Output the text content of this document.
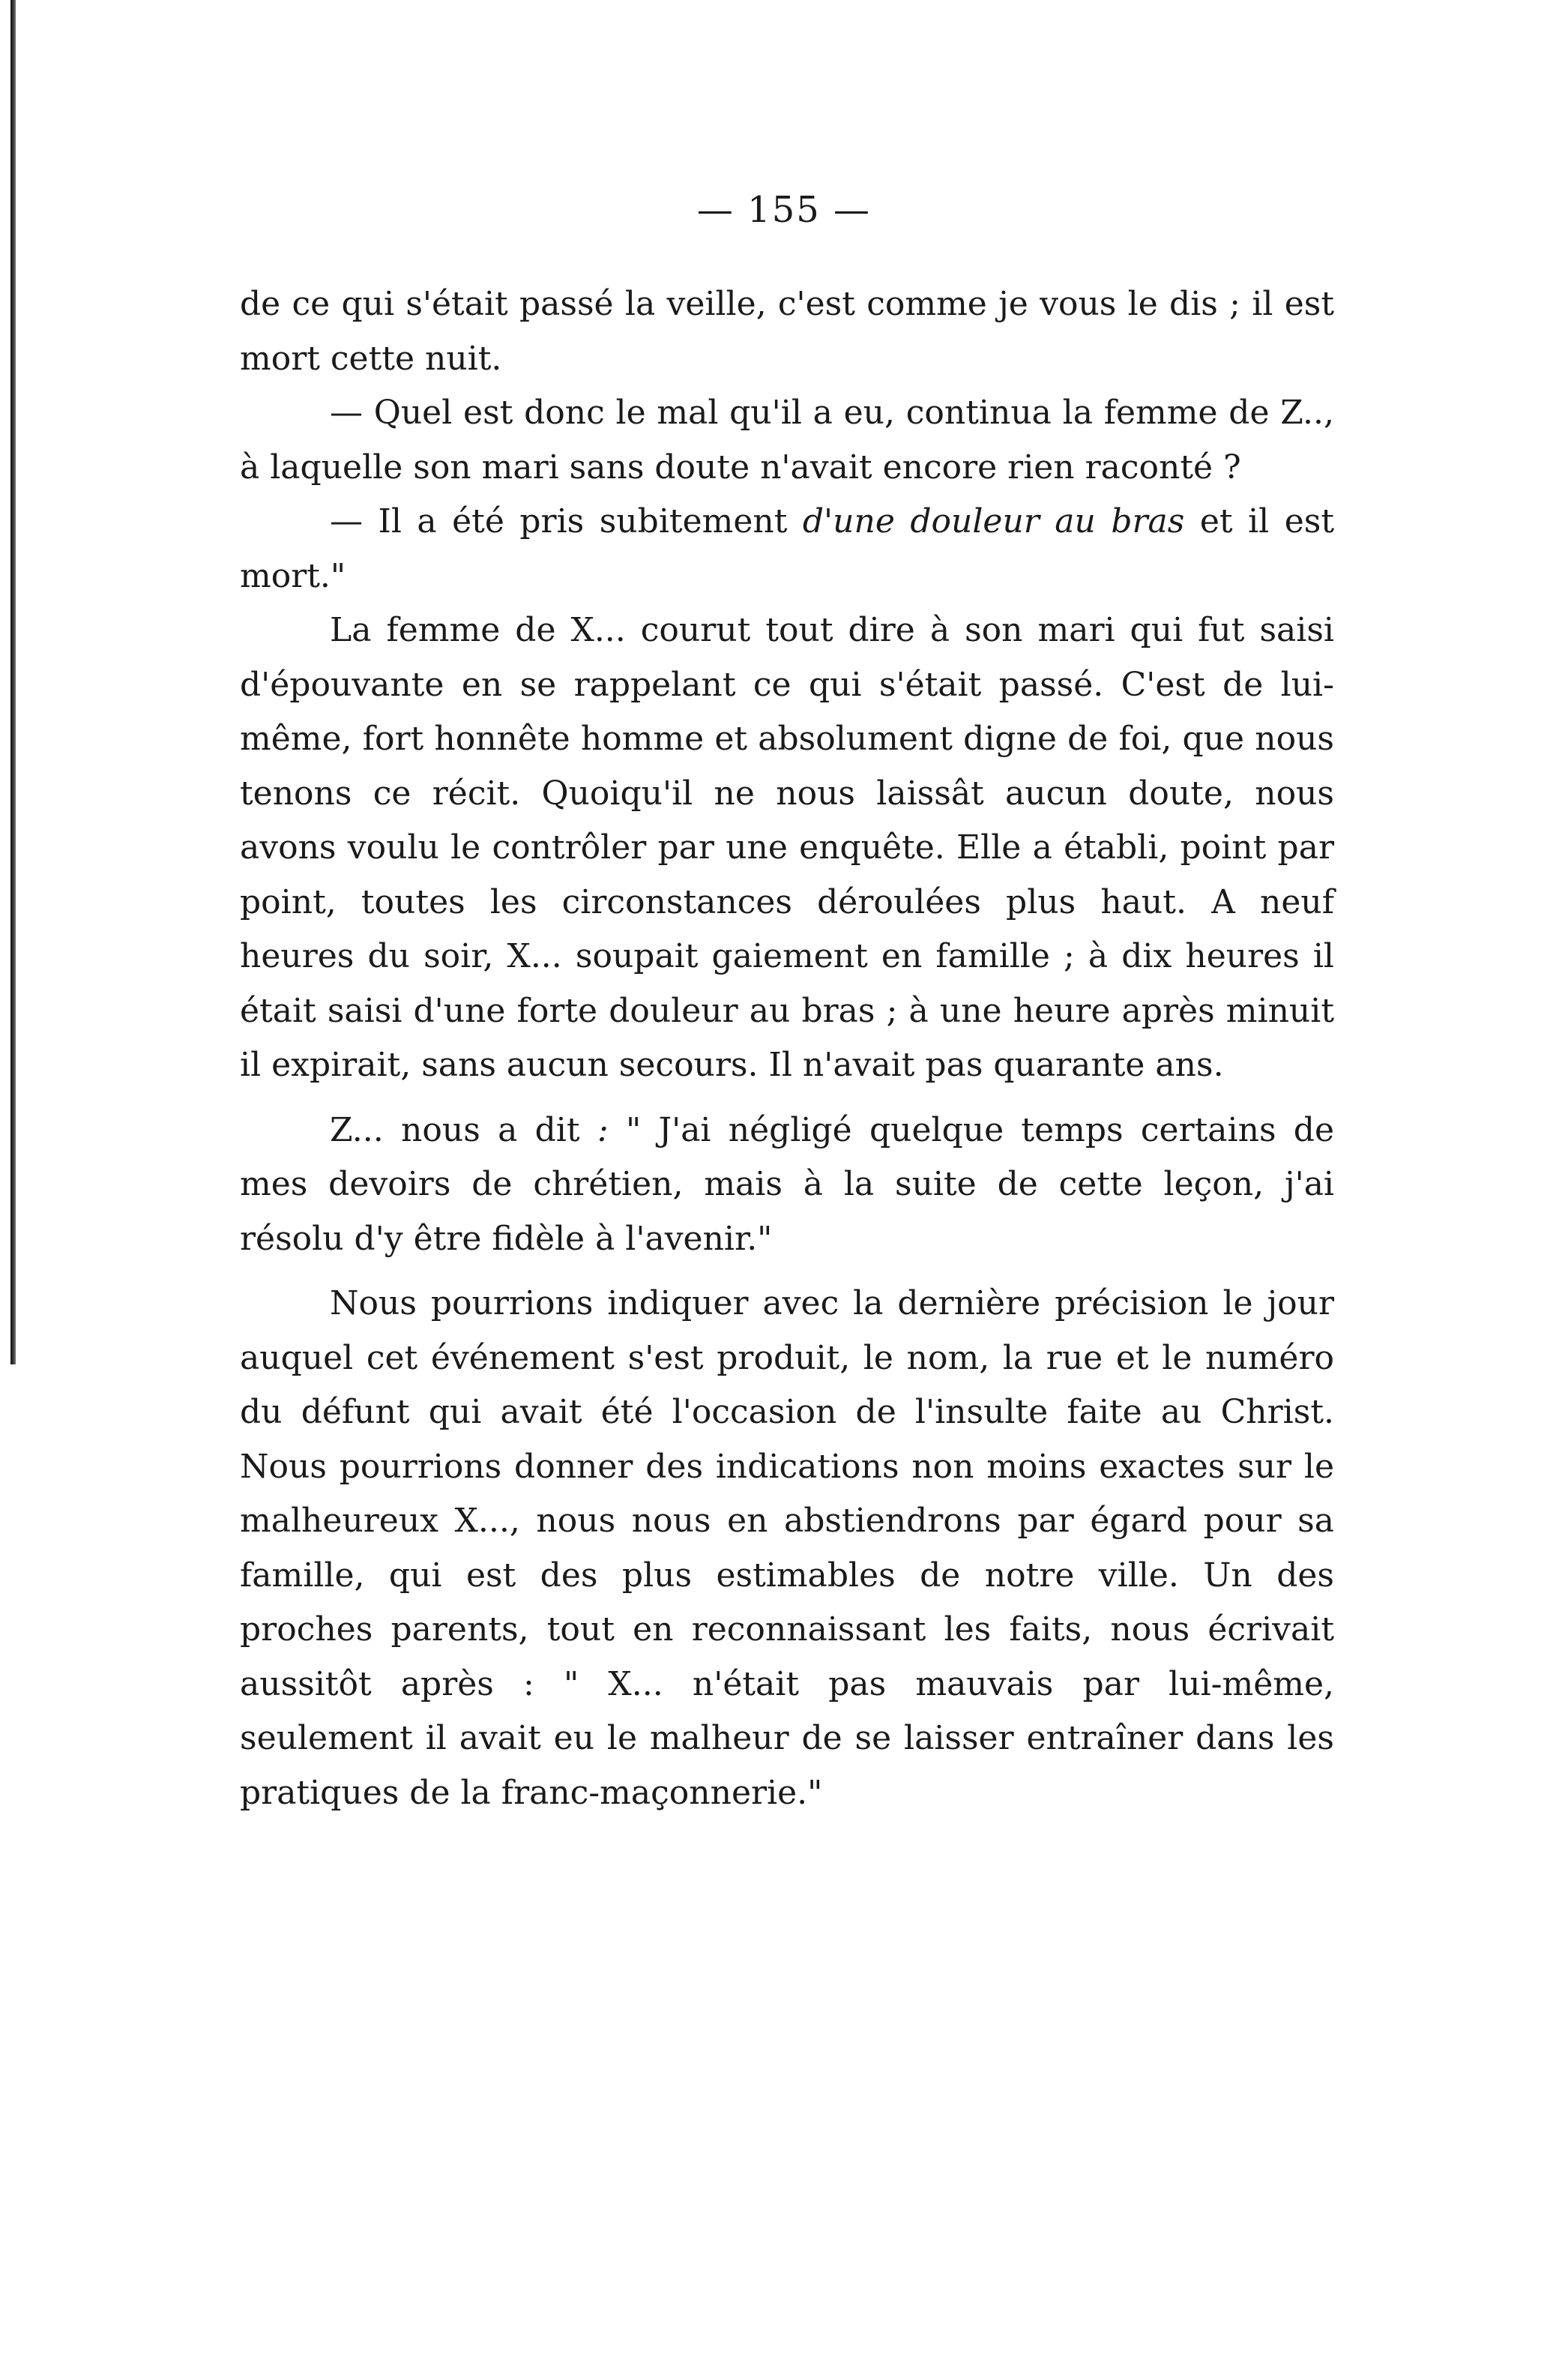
— 155 —

de ce qui s'était passé la veille, c'est comme je vous le dis ; il est mort cette nuit.

— Quel est donc le mal qu'il a eu, continua la femme de Z.., à laquelle son mari sans doute n'avait encore rien raconté ?

— Il a été pris subitement d'une douleur au bras et il est mort."

La femme de X... courut tout dire à son mari qui fut saisi d'épouvante en se rappelant ce qui s'était passé. C'est de lui-même, fort honnête homme et absolument digne de foi, que nous tenons ce récit. Quoiqu'il ne nous laissât aucun doute, nous avons voulu le contrôler par une enquête. Elle a établi, point par point, toutes les circonstances déroulées plus haut. A neuf heures du soir, X... soupait gaiement en famille ; à dix heures il était saisi d'une forte douleur au bras ; à une heure après minuit il expirait, sans aucun secours. Il n'avait pas quarante ans.

Z... nous a dit : " J'ai négligé quelque temps certains de mes devoirs de chrétien, mais à la suite de cette leçon, j'ai résolu d'y être fidèle à l'avenir."

Nous pourrions indiquer avec la dernière précision le jour auquel cet événement s'est produit, le nom, la rue et le numéro du défunt qui avait été l'occasion de l'insulte faite au Christ. Nous pourrions donner des indications non moins exactes sur le malheureux X..., nous nous en abstiendrons par égard pour sa famille, qui est des plus estimables de notre ville. Un des proches parents, tout en reconnaissant les faits, nous écrivait aussitôt après : " X... n'était pas mauvais par lui-même, seulement il avait eu le malheur de se laisser entraîner dans les pratiques de la franc-maçonnerie."
